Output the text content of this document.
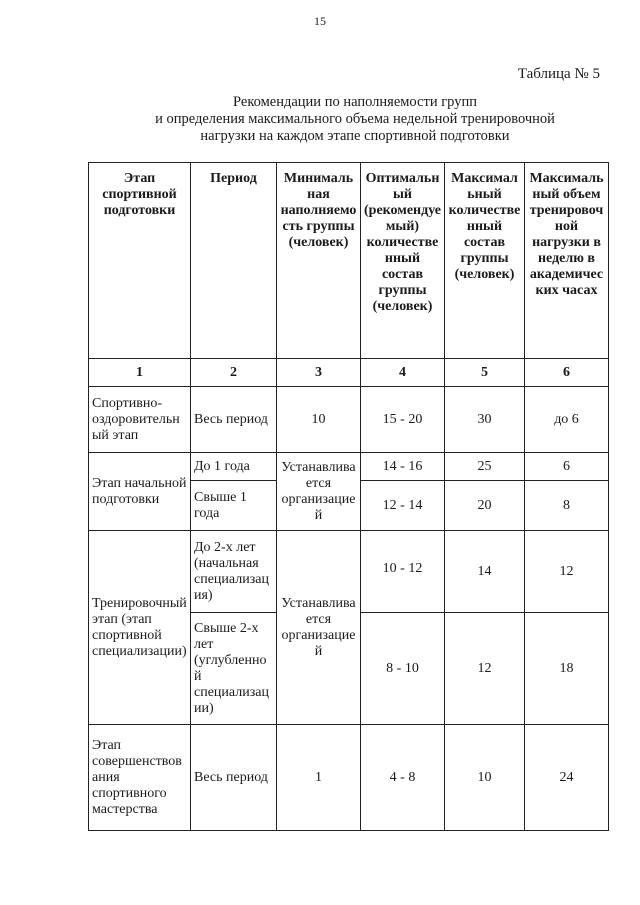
15
Таблица № 5
Рекомендации по наполняемости групп
и определения максимального объема недельной тренировочной
нагрузки на каждом этапе спортивной подготовки
Этап спортивной подготовки	Период	Минимальная наполняемость группы (человек)	Оптимальный (рекомендуемый) количественный состав группы (человек)	Максимальный количественный состав группы (человек)	Максимальный объем тренировочной нагрузки в неделю в академических часах
1	2	3	4	5	6
Спортивно-оздоровительный этап	Весь период	10	15 - 20	30	до 6
Этап начальной подготовки	До 1 года	Устанавливается организацией	14 - 16	25	6
	Свыше 1 года		12 - 14	20	8
Тренировочный этап (этап спортивной специализации)	До 2-х лет (начальная специализация)	Устанавливается организацией	10 - 12	14	12
	Свыше 2-х лет (углубленной специализации)		8 - 10	12	18
Этап совершенствования спортивного мастерства	Весь период	1	4 - 8	10	24
